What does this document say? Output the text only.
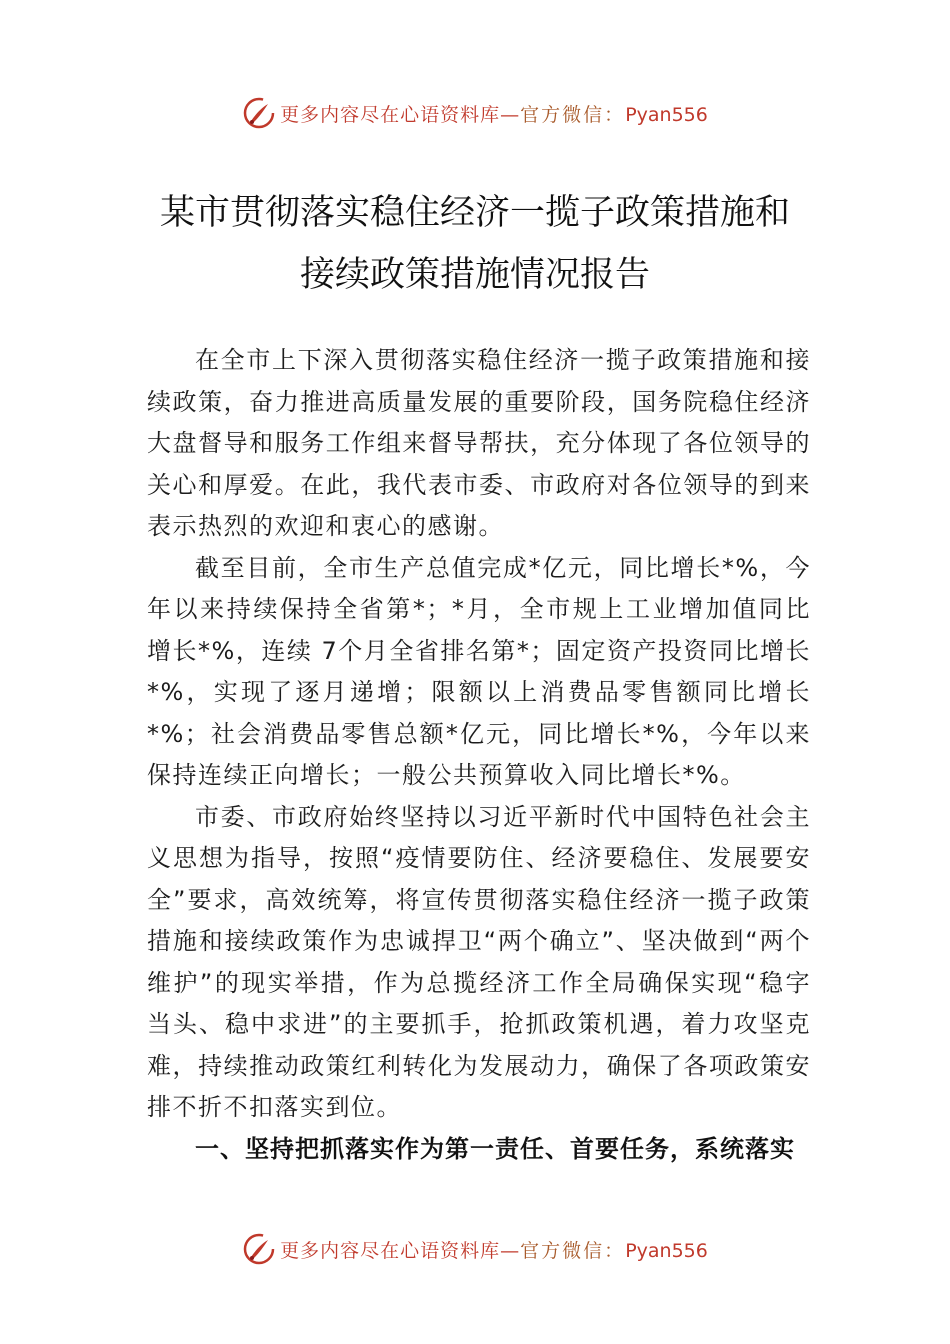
更多内容尽在心语资料库—官方微信：Pyan556
某市贯彻落实稳住经济一揽子政策措施和
接续政策措施情况报告

在全市上下深入贯彻落实稳住经济一揽子政策措施和接续政策，奋力推进高质量发展的重要阶段，国务院稳住经济大盘督导和服务工作组来督导帮扶，充分体现了各位领导的关心和厚爱。在此，我代表市委、市政府对各位领导的到来表示热烈的欢迎和衷心的感谢。

截至目前，全市生产总值完成*亿元，同比增长*%，今年以来持续保持全省第*；*月，全市规上工业增加值同比增长*%，连续 7个月全省排名第*；固定资产投资同比增长*%，实现了逐月递增；限额以上消费品零售额同比增长*%；社会消费品零售总额*亿元，同比增长*%，今年以来保持连续正向增长；一般公共预算收入同比增长*%。

市委、市政府始终坚持以习近平新时代中国特色社会主义思想为指导，按照“疫情要防住、经济要稳住、发展要安全”要求，高效统筹，将宣传贯彻落实稳住经济一揽子政策措施和接续政策作为忠诚捍卫“两个确立”、坚决做到“两个维护”的现实举措，作为总揽经济工作全局确保实现“稳字当头、稳中求进”的主要抓手，抢抓政策机遇，着力攻坚克难，持续推动政策红利转化为发展动力，确保了各项政策安排不折不扣落实到位。

一、坚持把抓落实作为第一责任、首要任务，系统落实

更多内容尽在心语资料库—官方微信：Pyan556
